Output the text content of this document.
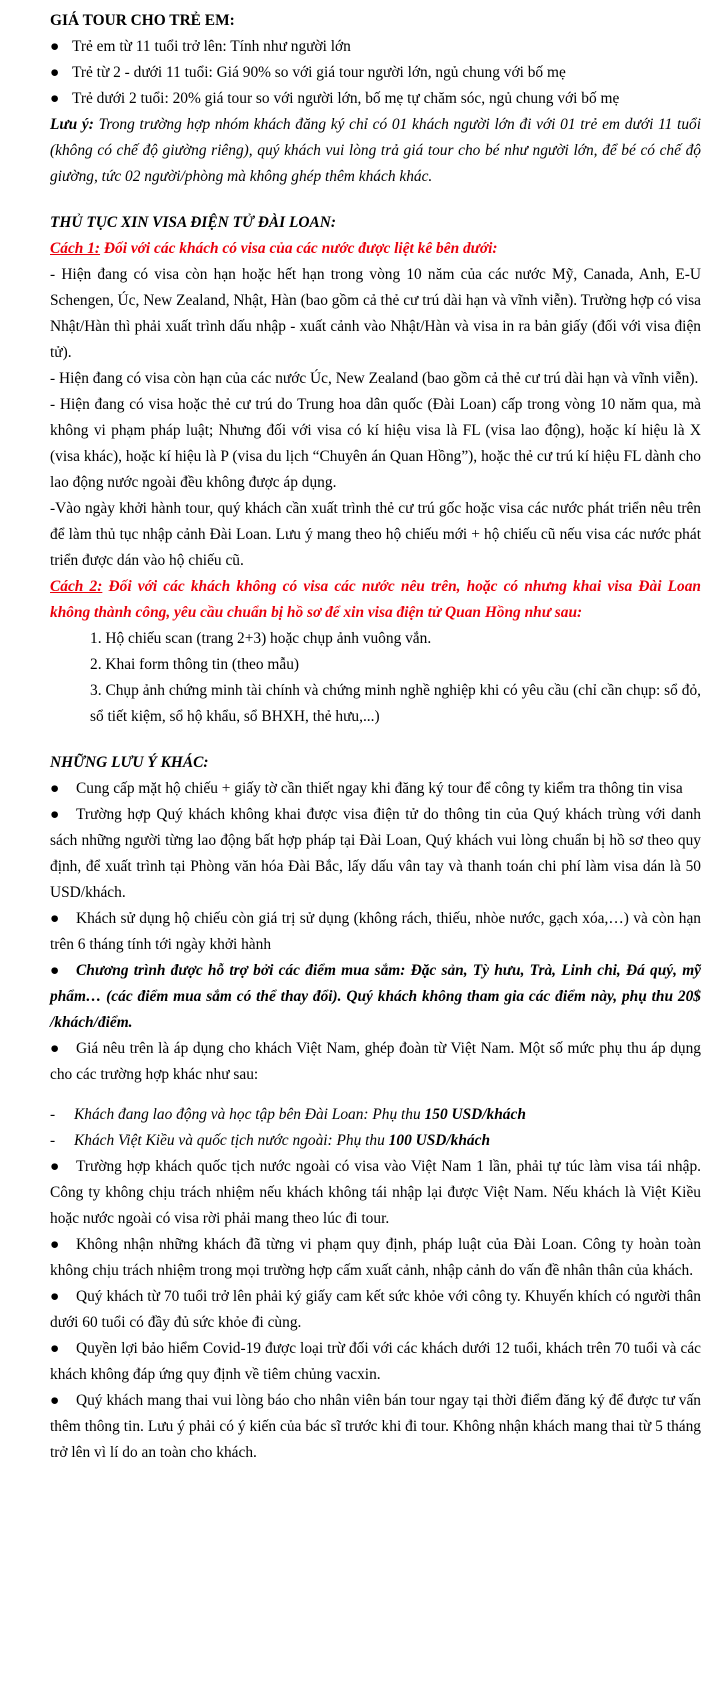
GIÁ TOUR CHO TRẺ EM:

● Trẻ em từ 11 tuổi trở lên: Tính như người lớn

● Trẻ từ 2 - dưới 11 tuổi: Giá 90% so với giá tour người lớn, ngủ chung với bố mẹ

● Trẻ dưới 2 tuổi: 20% giá tour so với người lớn, bố mẹ tự chăm sóc, ngủ chung với bố mẹ

Lưu ý: Trong trường hợp nhóm khách đăng ký chỉ có 01 khách người lớn đi với 01 trẻ em dưới 11 tuổi (không có chế độ giường riêng), quý khách vui lòng trả giá tour cho bé như người lớn, để bé có chế độ giường, tức 02 người/phòng mà không ghép thêm khách khác.

THỦ TỤC XIN VISA ĐIỆN TỬ ĐÀI LOAN:

Cách 1: Đối với các khách có visa của các nước được liệt kê bên dưới:

- Hiện đang có visa còn hạn hoặc hết hạn trong vòng 10 năm của các nước Mỹ, Canada, Anh, E-U Schengen, Úc, New Zealand, Nhật, Hàn (bao gồm cả thẻ cư trú dài hạn và vĩnh viễn). Trường hợp có visa Nhật/Hàn thì phải xuất trình dấu nhập - xuất cảnh vào Nhật/Hàn và visa in ra bản giấy (đối với visa điện tử).

- Hiện đang có visa còn hạn của các nước Úc, New Zealand (bao gồm cả thẻ cư trú dài hạn và vĩnh viễn).

- Hiện đang có visa hoặc thẻ cư trú do Trung hoa dân quốc (Đài Loan) cấp trong vòng 10 năm qua, mà không vi phạm pháp luật; Nhưng đối với visa có kí hiệu visa là FL (visa lao động), hoặc kí hiệu là X (visa khác), hoặc kí hiệu là P (visa du lịch “Chuyên án Quan Hồng”), hoặc thẻ cư trú kí hiệu FL dành cho lao động nước ngoài đều không được áp dụng.

-Vào ngày khởi hành tour, quý khách cần xuất trình thẻ cư trú gốc hoặc visa các nước phát triển nêu trên để làm thủ tục nhập cảnh Đài Loan. Lưu ý mang theo hộ chiếu mới + hộ chiếu cũ nếu visa các nước phát triển được dán vào hộ chiếu cũ.

Cách 2: Đối với các khách không có visa các nước nêu trên, hoặc có nhưng khai visa Đài Loan không thành công, yêu cầu chuẩn bị hồ sơ để xin visa điện tử Quan Hồng như sau:

1. Hộ chiếu scan (trang 2+3) hoặc chụp ảnh vuông vắn.

2. Khai form thông tin (theo mẫu)

3. Chụp ảnh chứng minh tài chính và chứng minh nghề nghiệp khi có yêu cầu (chỉ cần chụp: sổ đỏ, sổ tiết kiệm, sổ hộ khẩu, sổ BHXH, thẻ hưu,...)

NHỮNG LƯU Ý KHÁC:

● Cung cấp mặt hộ chiếu + giấy tờ cần thiết ngay khi đăng ký tour để công ty kiểm tra thông tin visa

● Trường hợp Quý khách không khai được visa điện tử do thông tin của Quý khách trùng với danh sách những người từng lao động bất hợp pháp tại Đài Loan, Quý khách vui lòng chuẩn bị hồ sơ theo quy định, để xuất trình tại Phòng văn hóa Đài Bắc, lấy dấu vân tay và thanh toán chi phí làm visa dán là 50 USD/khách.

● Khách sử dụng hộ chiếu còn giá trị sử dụng (không rách, thiếu, nhòe nước, gạch xóa,…) và còn hạn trên 6 tháng tính tới ngày khởi hành

● Chương trình được hỗ trợ bởi các điểm mua sắm: Đặc sản, Tỳ hưu, Trà, Linh chi, Đá quý, mỹ phẩm… (các điểm mua sắm có thể thay đổi). Quý khách không tham gia các điểm này, phụ thu 20$ /khách/điểm.

● Giá nêu trên là áp dụng cho khách Việt Nam, ghép đoàn từ Việt Nam. Một số mức phụ thu áp dụng cho các trường hợp khác như sau:

- Khách đang lao động và học tập bên Đài Loan: Phụ thu 150 USD/khách

- Khách Việt Kiều và quốc tịch nước ngoài: Phụ thu 100 USD/khách

● Trường hợp khách quốc tịch nước ngoài có visa vào Việt Nam 1 lần, phải tự túc làm visa tái nhập. Công ty không chịu trách nhiệm nếu khách không tái nhập lại được Việt Nam. Nếu khách là Việt Kiều hoặc nước ngoài có visa rời phải mang theo lúc đi tour.

● Không nhận những khách đã từng vi phạm quy định, pháp luật của Đài Loan. Công ty hoàn toàn không chịu trách nhiệm trong mọi trường hợp cấm xuất cảnh, nhập cảnh do vấn đề nhân thân của khách.

● Quý khách từ 70 tuổi trở lên phải ký giấy cam kết sức khỏe với công ty. Khuyến khích có người thân dưới 60 tuổi có đầy đủ sức khỏe đi cùng.

● Quyền lợi bảo hiểm Covid-19 được loại trừ đối với các khách dưới 12 tuổi, khách trên 70 tuổi và các khách không đáp ứng quy định về tiêm chủng vacxin.

● Quý khách mang thai vui lòng báo cho nhân viên bán tour ngay tại thời điểm đăng ký để được tư vấn thêm thông tin. Lưu ý phải có ý kiến của bác sĩ trước khi đi tour. Không nhận khách mang thai từ 5 tháng trở lên vì lí do an toàn cho khách.
